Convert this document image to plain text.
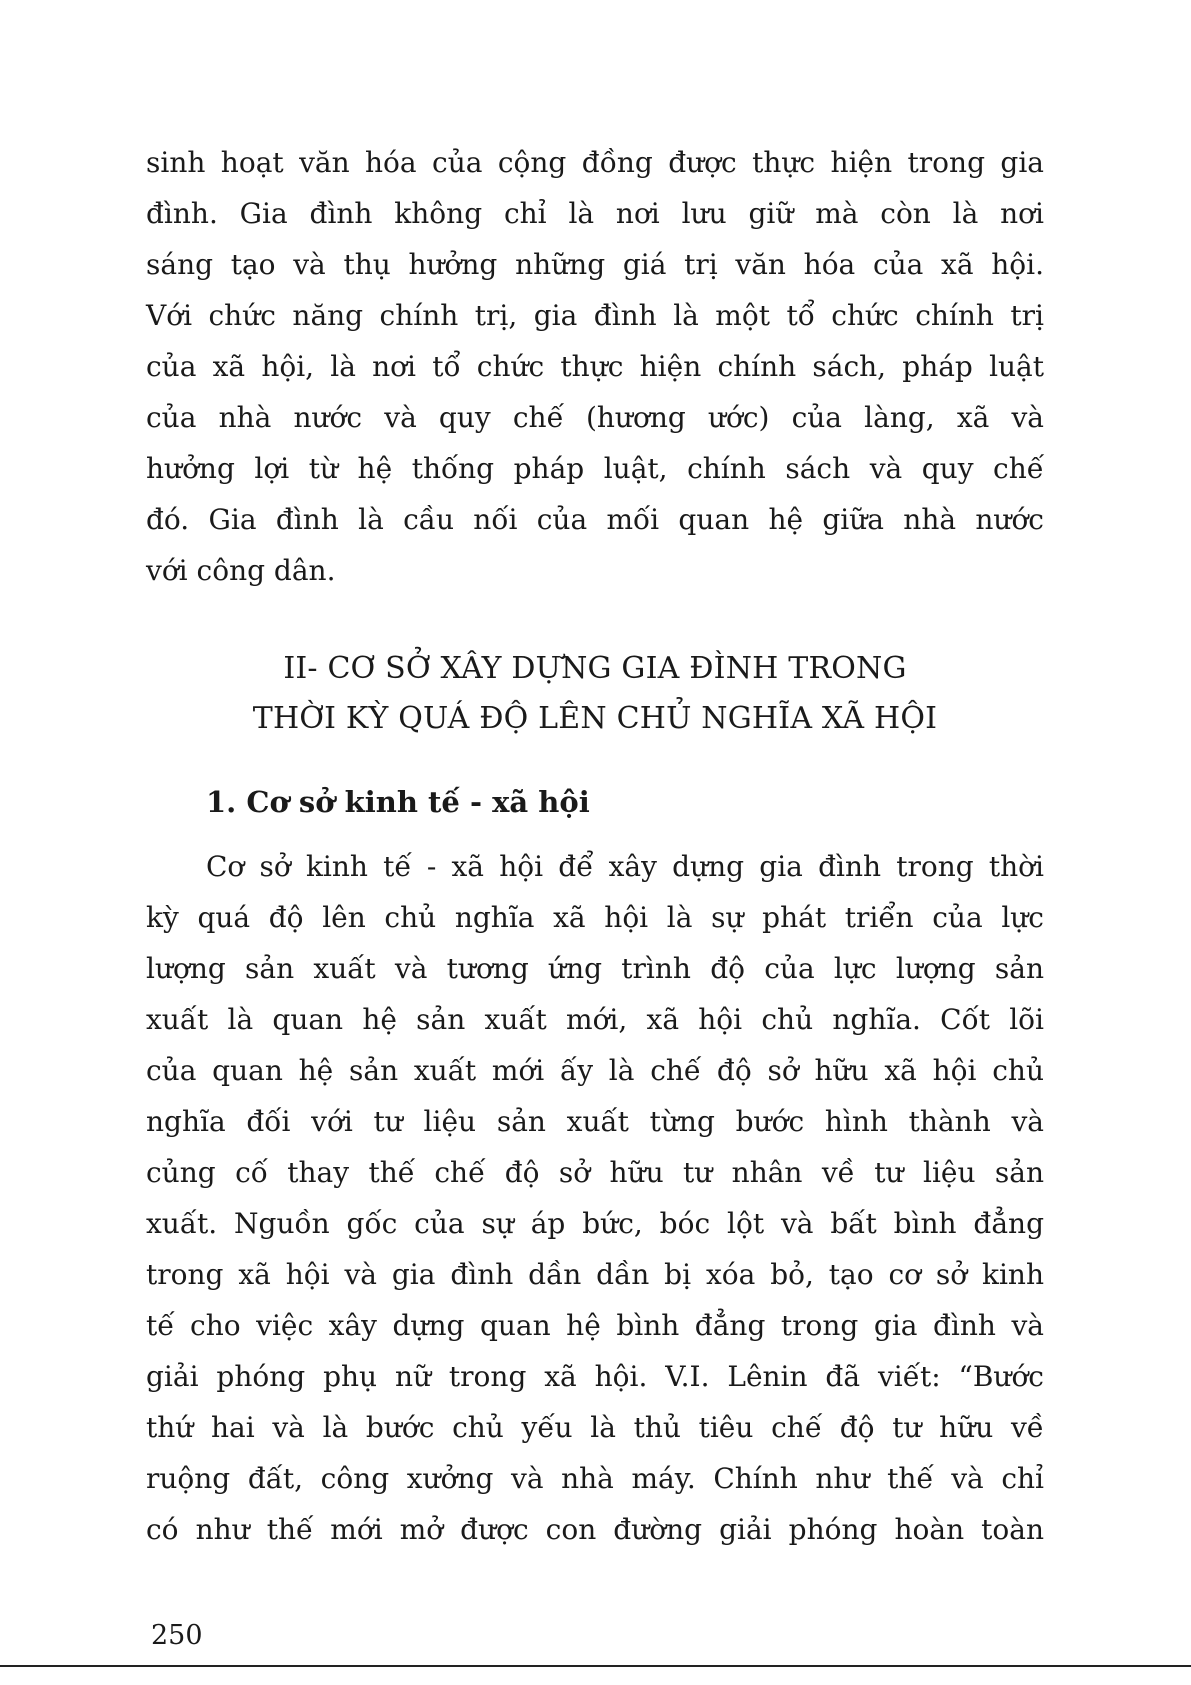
sinh hoạt văn hóa của cộng đồng được thực hiện trong gia
đình. Gia đình không chỉ là nơi lưu giữ mà còn là nơi
sáng tạo và thụ hưởng những giá trị văn hóa của xã hội.
Với chức năng chính trị, gia đình là một tổ chức chính trị
của xã hội, là nơi tổ chức thực hiện chính sách, pháp luật
của nhà nước và quy chế (hương ước) của làng, xã và
hưởng lợi từ hệ thống pháp luật, chính sách và quy chế
đó. Gia đình là cầu nối của mối quan hệ giữa nhà nước
với công dân.
II- CƠ SỞ XÂY DỰNG GIA ĐÌNH TRONG
THỜI KỲ QUÁ ĐỘ LÊN CHỦ NGHĨA XÃ HỘI
1. Cơ sở kinh tế - xã hội
Cơ sở kinh tế - xã hội để xây dựng gia đình trong thời
kỳ quá độ lên chủ nghĩa xã hội là sự phát triển của lực
lượng sản xuất và tương ứng trình độ của lực lượng sản
xuất là quan hệ sản xuất mới, xã hội chủ nghĩa. Cốt lõi
của quan hệ sản xuất mới ấy là chế độ sở hữu xã hội chủ
nghĩa đối với tư liệu sản xuất từng bước hình thành và
củng cố thay thế chế độ sở hữu tư nhân về tư liệu sản
xuất. Nguồn gốc của sự áp bức, bóc lột và bất bình đẳng
trong xã hội và gia đình dần dần bị xóa bỏ, tạo cơ sở kinh
tế cho việc xây dựng quan hệ bình đẳng trong gia đình và
giải phóng phụ nữ trong xã hội. V.I. Lênin đã viết: “Bước
thứ hai và là bước chủ yếu là thủ tiêu chế độ tư hữu về
ruộng đất, công xưởng và nhà máy. Chính như thế và chỉ
có như thế mới mở được con đường giải phóng hoàn toàn
250
